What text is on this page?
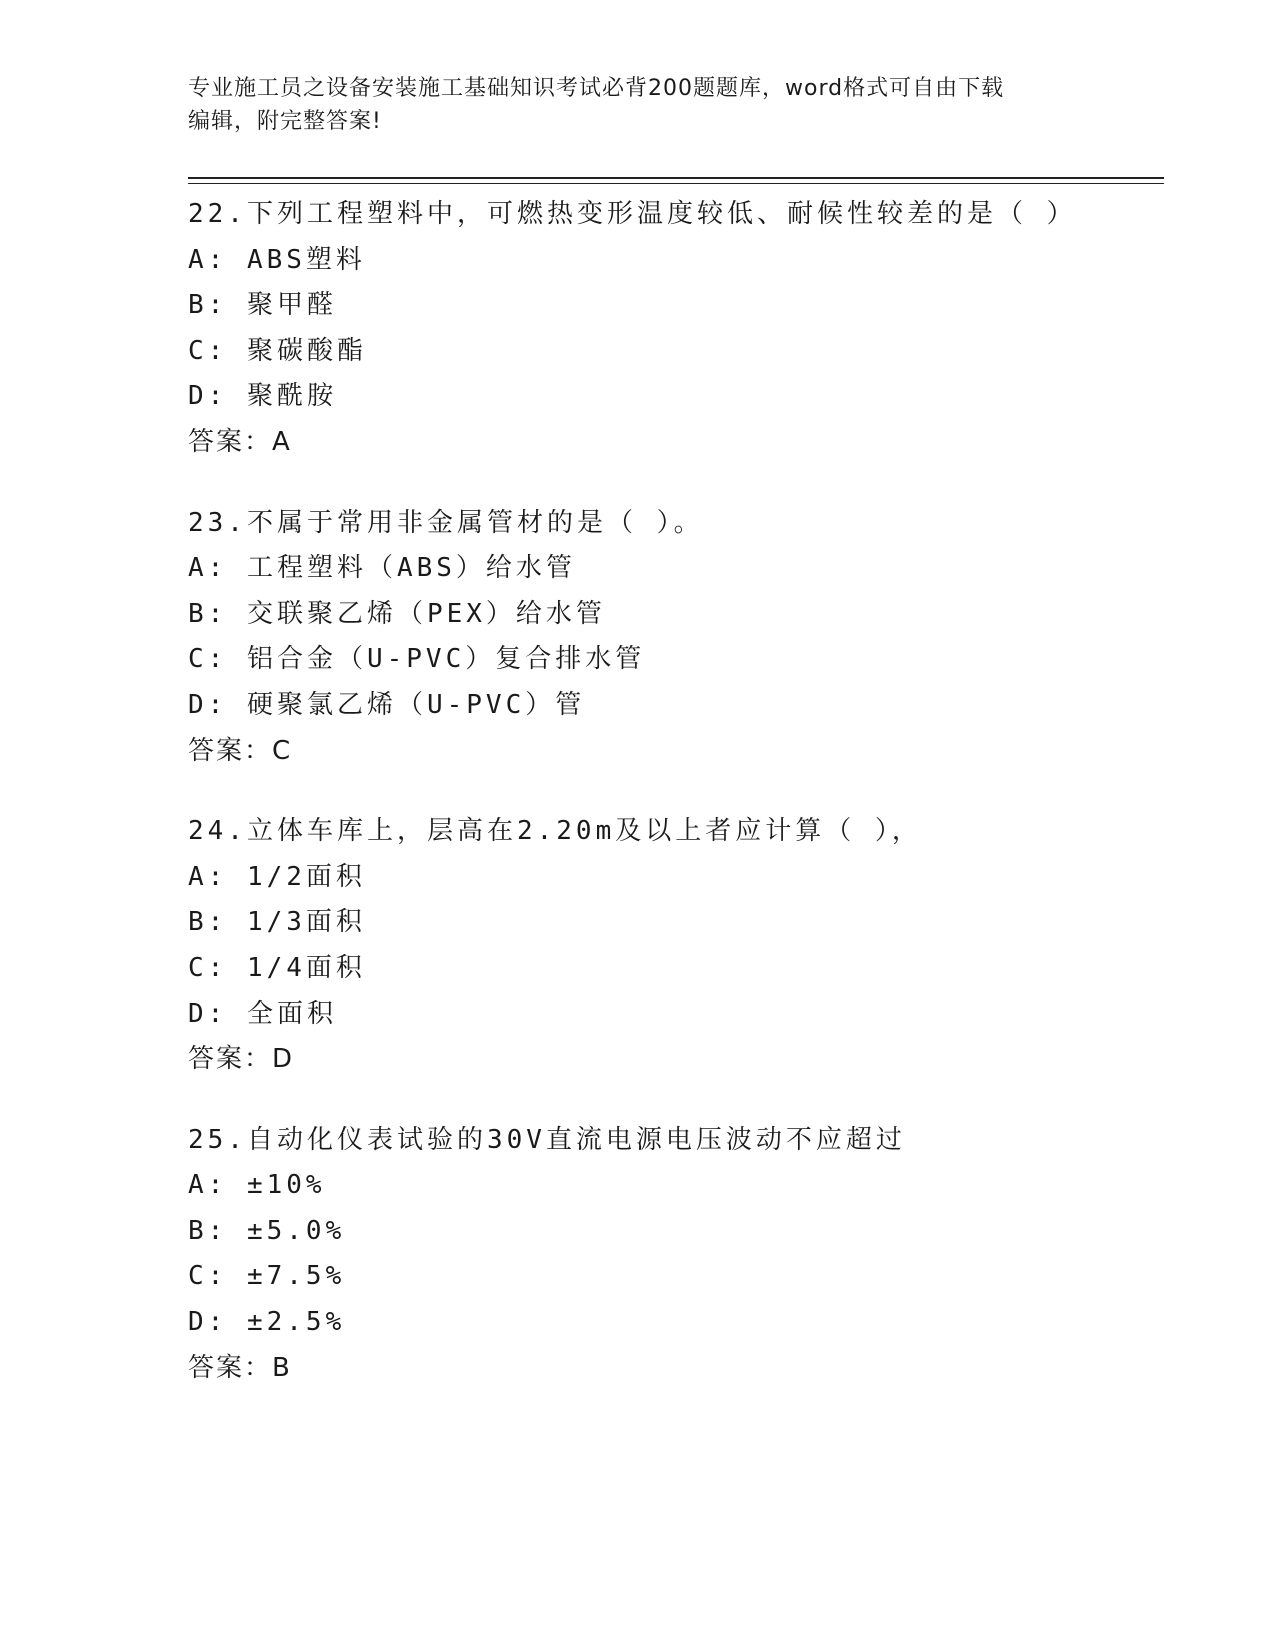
专业施工员之设备安装施工基础知识考试必背200题题库，word格式可自由下载
编辑，附完整答案!
22.下列工程塑料中，可燃热变形温度较低、耐候性较差的是（ ）
A: ABS塑料
B: 聚甲醛
C: 聚碳酸酯
D: 聚酰胺
答案：A
23.不属于常用非金属管材的是（ ）。
A: 工程塑料（ABS）给水管
B: 交联聚乙烯（PEX）给水管
C: 铝合金（U-PVC）复合排水管
D: 硬聚氯乙烯（U-PVC）管
答案：C
24.立体车库上，层高在2.20m及以上者应计算（ ），
A: 1/2面积
B: 1/3面积
C: 1/4面积
D: 全面积
答案：D
25.自动化仪表试验的30V直流电源电压波动不应超过
A: ±10%
B: ±5.0%
C: ±7.5%
D: ±2.5%
答案：B
